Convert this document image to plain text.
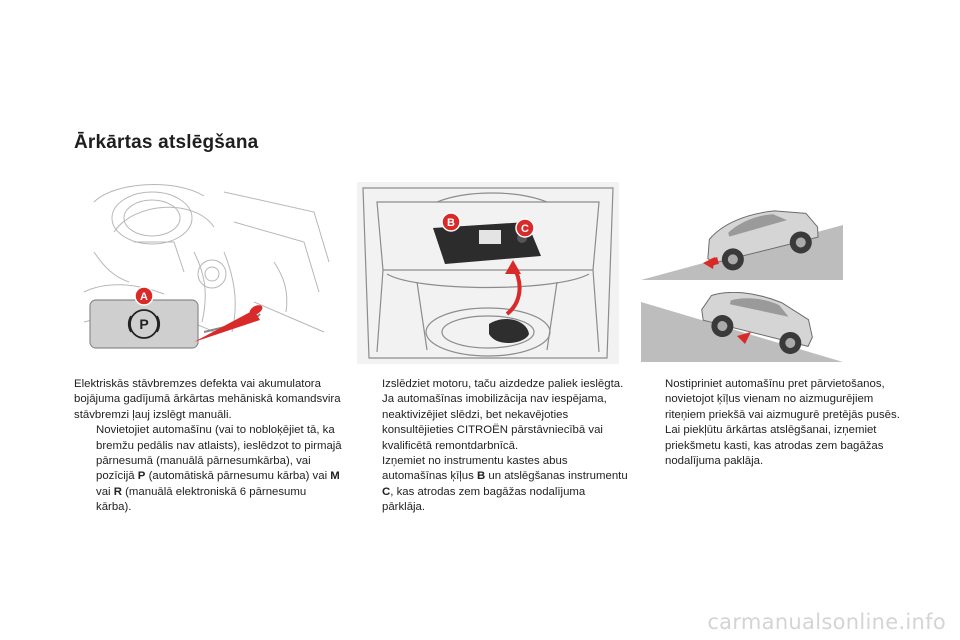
Ārkārtas atslēgšana
P
A
B	C

Elektriskās stāvbremzes defekta vai akumulatora bojājuma gadījumā ārkārtas mehāniskā komandsvira stāvbremzi ļauj izslēgt manuāli.

Novietojiet automašīnu (vai to nobloķējiet tā, ka bremžu pedālis nav atlaists), ieslēdzot to pirmajā pārnesumā (manuālā pārnesumkārba), vai pozīcijā P (automātiskā pārnesumu kārba) vai M vai R (manuālā elektroniskā 6 pārnesumu kārba).
Izslēdziet motoru, taču aizdedze paliek ieslēgta. Ja automašīnas imobilizācija nav iespējama, neaktivizējiet slēdzi, bet nekavējoties konsultējieties CITROËN pārstāvniecībā vai kvalificētā remontdarbnīcā.
Izņemiet no instrumentu kastes abus automašīnas ķīļus B un atslēgšanas instrumentu C, kas atrodas zem bagāžas nodalījuma pārklāja.
Nostipriniet automašīnu pret pārvietošanos, novietojot ķīļus vienam no aizmugurējiem riteņiem priekšā vai aizmugurē pretējās pusēs.
Lai piekļūtu ārkārtas atslēgšanai, izņemiet priekšmetu kasti, kas atrodas zem bagāžas nodalījuma paklāja.
carmanualsonline.info
